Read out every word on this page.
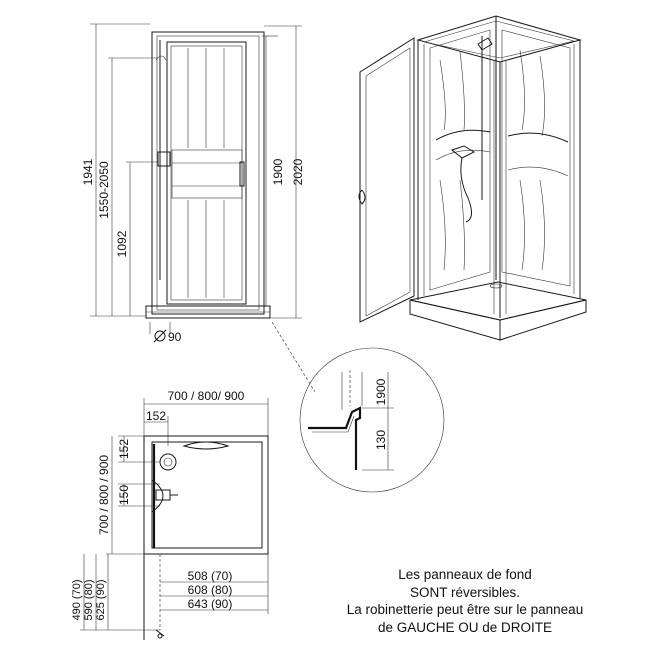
90
1941 1550-2050
1092
1900 2020
1900
130
700 / 800/ 900
152
152
150
700 / 800 / 900
490 (70) 590 (80) 625 (90)
508 (70)
608 (80)
643 (90)
Les panneaux de fond
SONT réversibles.
La robinetterie peut être sur le panneau
de GAUCHE OU de DROITE
